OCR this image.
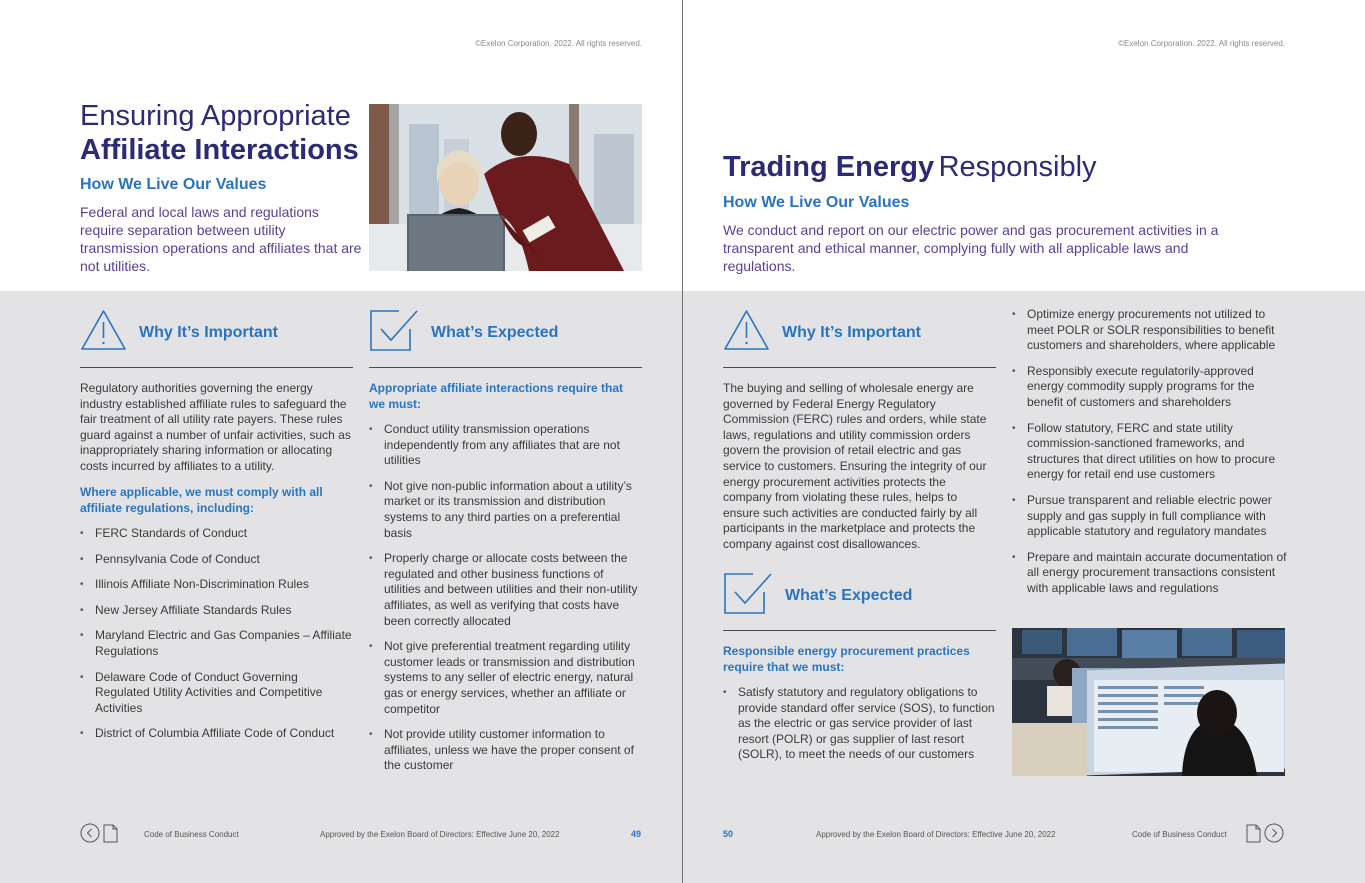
©Exelon Corporation. 2022. All rights reserved.
Ensuring Appropriate
Affiliate Interactions
How We Live Our Values
Federal and local laws and regulations require separation between utility transmission operations and affiliates that are not utilities.
Why It’s Important
Regulatory authorities governing the energy industry established affiliate rules to safeguard the fair treatment of all utility rate payers. These rules guard against a number of unfair activities, such as inappropriately sharing information or allocating costs incurred by affiliates to a utility.
Where applicable, we must comply with all affiliate regulations, including:
• FERC Standards of Conduct
• Pennsylvania Code of Conduct
• Illinois Affiliate Non-Discrimination Rules
• New Jersey Affiliate Standards Rules
• Maryland Electric and Gas Companies – Affiliate Regulations
• Delaware Code of Conduct Governing Regulated Utility Activities and Competitive Activities
• District of Columbia Affiliate Code of Conduct
What’s Expected
Appropriate affiliate interactions require that we must:
• Conduct utility transmission operations independently from any affiliates that are not utilities
• Not give non-public information about a utility’s market or its transmission and distribution systems to any third parties on a preferential basis
• Properly charge or allocate costs between the regulated and other business functions of utilities and between utilities and their non-utility affiliates, as well as verifying that costs have been correctly allocated
• Not give preferential treatment regarding utility customer leads or transmission and distribution systems to any seller of electric energy, natural gas or energy services, whether an affiliate or competitor
• Not provide utility customer information to affiliates, unless we have the proper consent of the customer
Code of Business Conduct	Approved by the Exelon Board of Directors: Effective June 20, 2022	49
©Exelon Corporation. 2022. All rights reserved.
Trading Energy Responsibly
How We Live Our Values
We conduct and report on our electric power and gas procurement activities in a transparent and ethical manner, complying fully with all applicable laws and regulations.
Why It’s Important
The buying and selling of wholesale energy are governed by Federal Energy Regulatory Commission (FERC) rules and orders, while state laws, regulations and utility commission orders govern the provision of retail electric and gas service to customers. Ensuring the integrity of our energy procurement activities protects the company from violating these rules, helps to ensure such activities are conducted fairly by all participants in the marketplace and protects the company against cost disallowances.
What’s Expected
Responsible energy procurement practices require that we must:
• Satisfy statutory and regulatory obligations to provide standard offer service (SOS), to function as the electric or gas service provider of last resort (POLR) or gas supplier of last resort (SOLR), to meet the needs of our customers
• Optimize energy procurements not utilized to meet POLR or SOLR responsibilities to benefit customers and shareholders, where applicable
• Responsibly execute regulatorily-approved energy commodity supply programs for the benefit of customers and shareholders
• Follow statutory, FERC and state utility commission-sanctioned frameworks, and structures that direct utilities on how to procure energy for retail end use customers
• Pursue transparent and reliable electric power supply and gas supply in full compliance with applicable statutory and regulatory mandates
• Prepare and maintain accurate documentation of all energy procurement transactions consistent with applicable laws and regulations
50	Approved by the Exelon Board of Directors: Effective June 20, 2022	Code of Business Conduct
